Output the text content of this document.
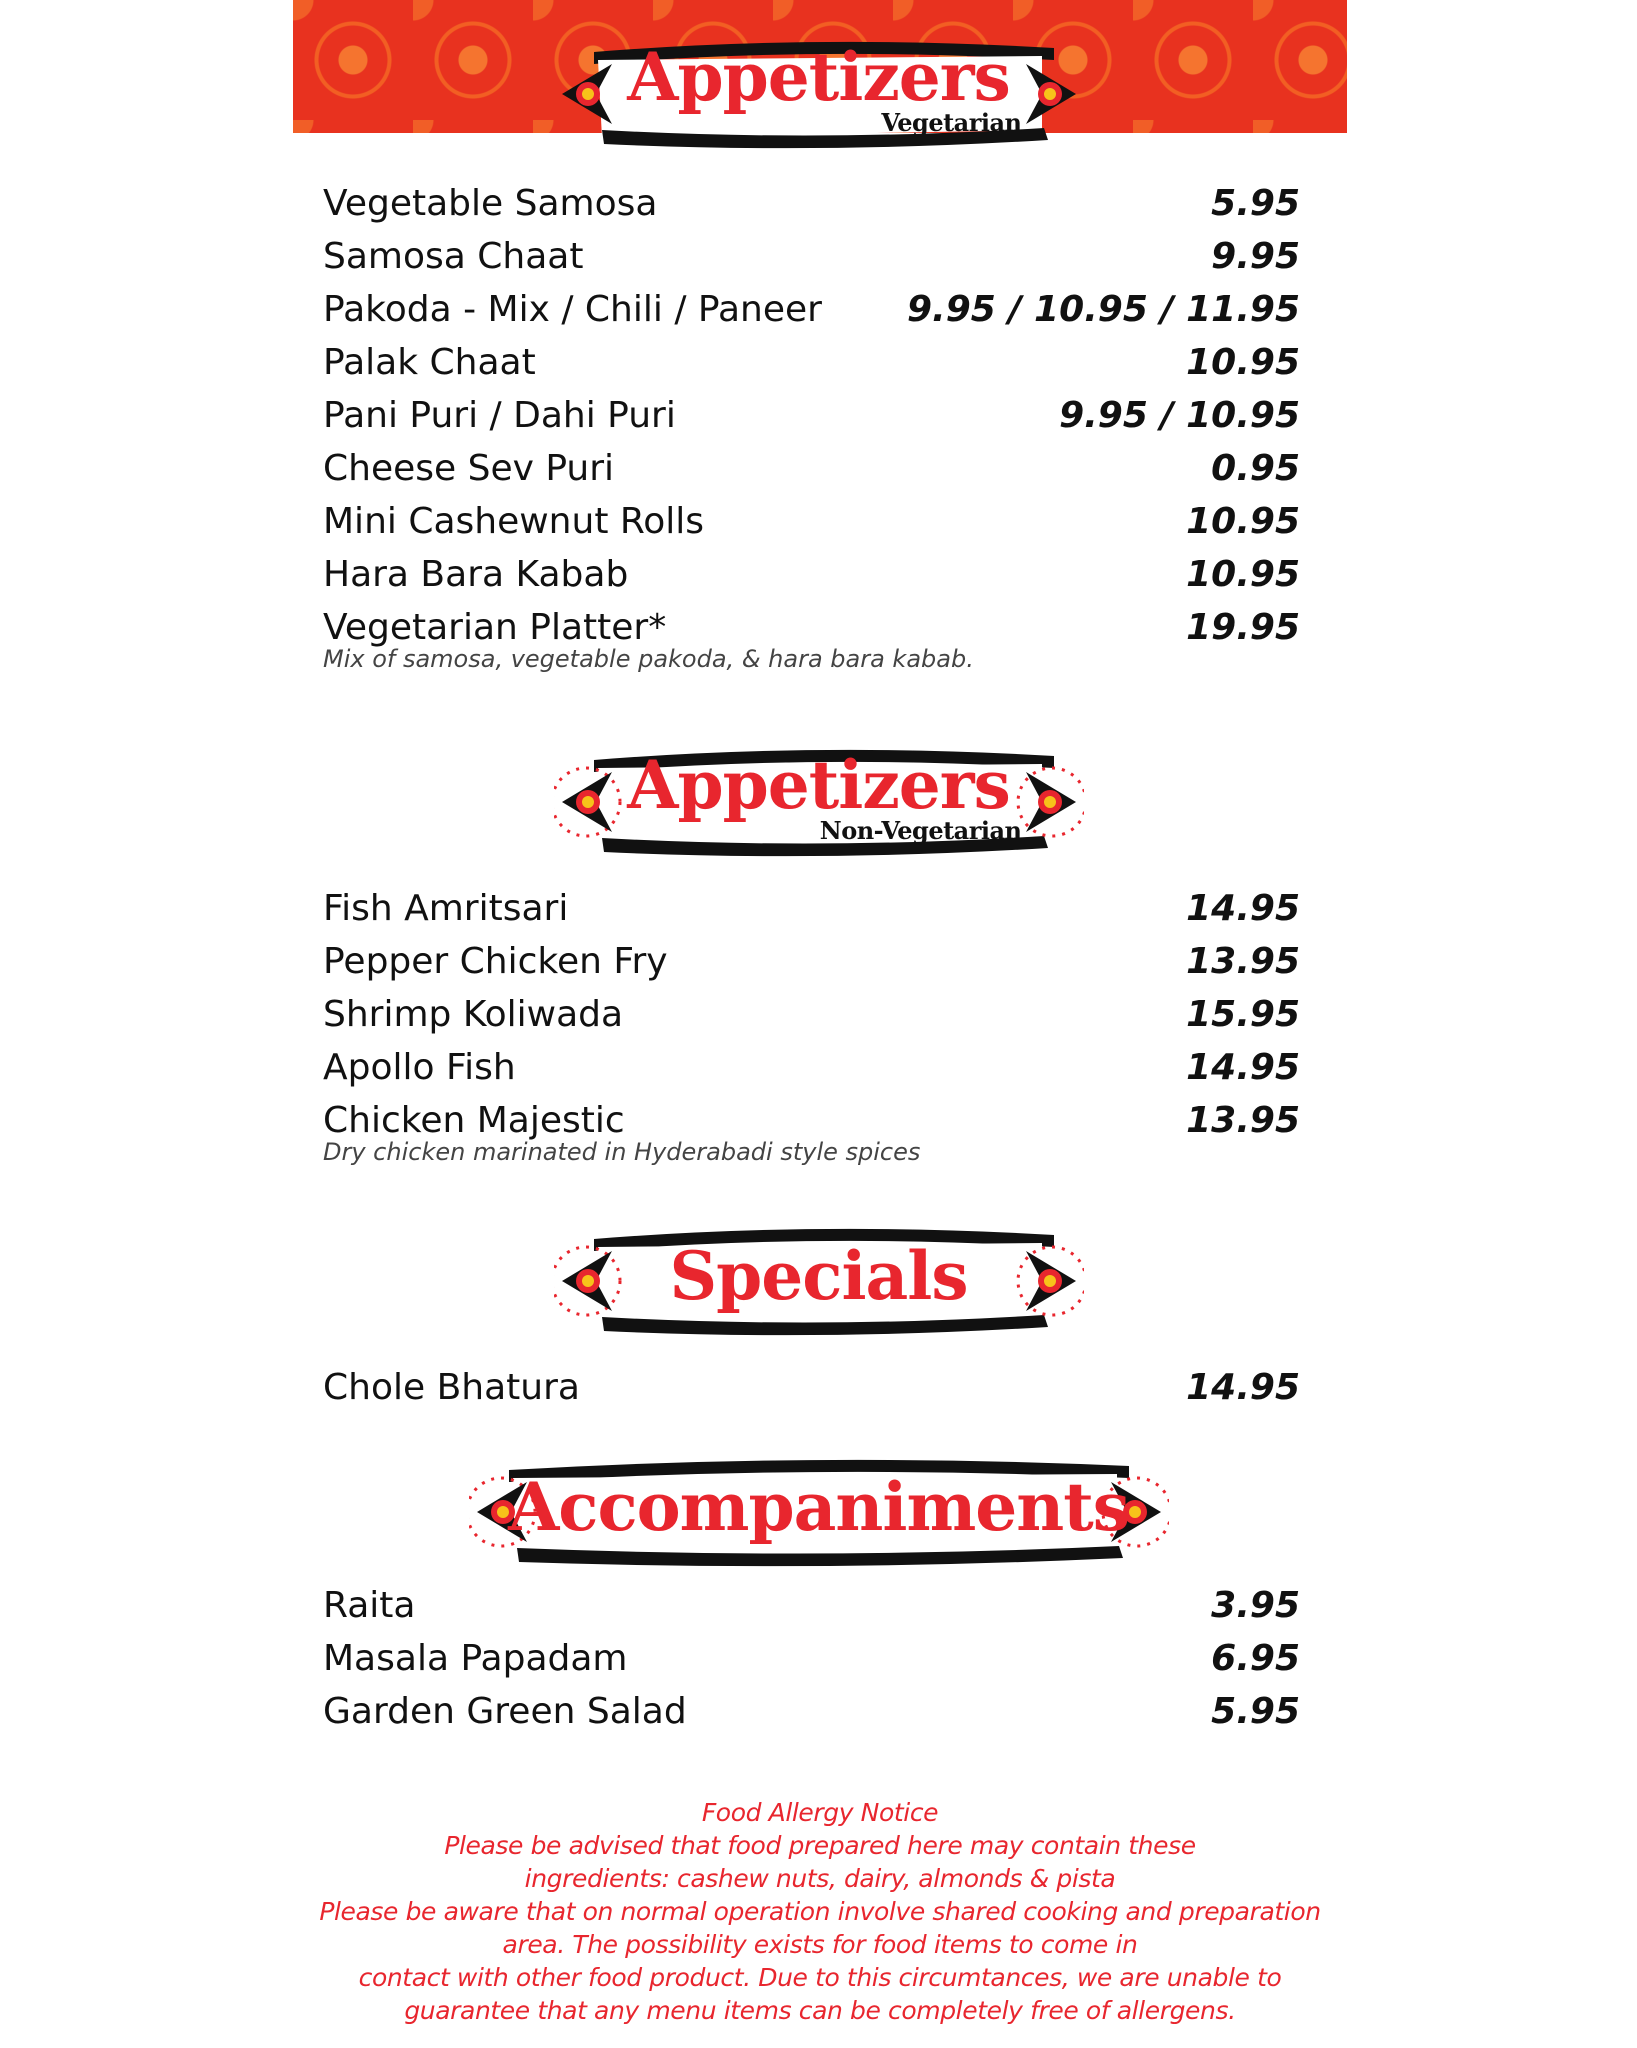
Appetizers
Vegetarian
Vegetable Samosa	5.95
Samosa Chaat	9.95
Pakoda - Mix / Chili / Paneer 9.95 / 10.95 / 11.95
Palak Chaat	10.95
Pani Puri / Dahi Puri	9.95 / 10.95
Cheese Sev Puri	0.95
Mini Cashewnut Rolls	10.95
Hara Bara Kabab	10.95
Vegetarian Platter*	19.95
Mix of samosa, vegetable pakoda, & hara bara kabab.
Appetizers
Non-Vegetarian
Fish Amritsari	14.95
Pepper Chicken Fry	13.95
Shrimp Koliwada	15.95
Apollo Fish	14.95
Chicken Majestic	13.95
Dry chicken marinated in Hyderabadi style spices
Specials
Chole Bhatura	14.95
Accompaniments
Raita	3.95
Masala Papadam	6.95
Garden Green Salad	5.95
Food Allergy Notice
Please be advised that food prepared here may contain these
ingredients: cashew nuts, dairy, almonds & pista
Please be aware that on normal operation involve shared cooking and preparation
area. The possibility exists for food items to come in
contact with other food product. Due to this circumtances, we are unable to
guarantee that any menu items can be completely free of allergens.
